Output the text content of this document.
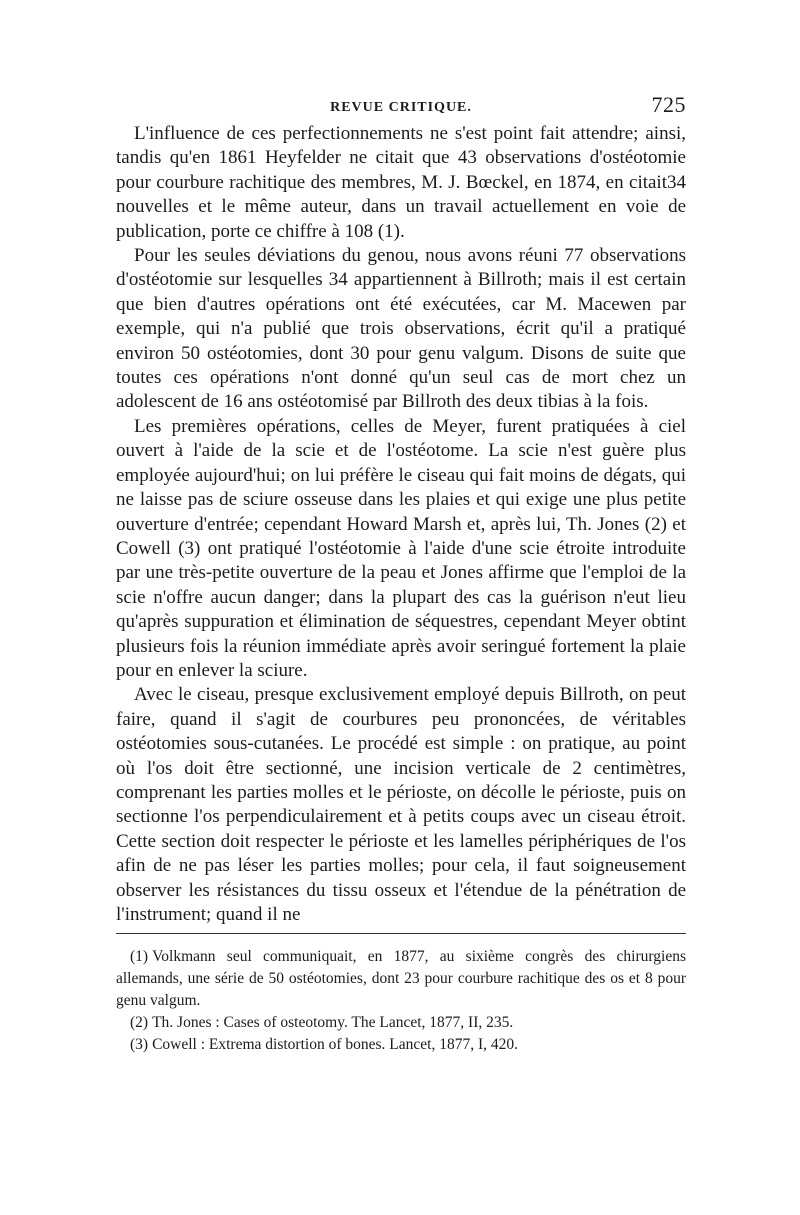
REVUE CRITIQUE.	725

L'influence de ces perfectionnements ne s'est point fait attendre; ainsi, tandis qu'en 1861 Heyfelder ne citait que 43 observations d'ostéotomie pour courbure rachitique des membres, M. J. Bœckel, en 1874, en citait34 nouvelles et le même auteur, dans un travail actuellement en voie de publication, porte ce chiffre à 108 (1).

Pour les seules déviations du genou, nous avons réuni 77 observations d'ostéotomie sur lesquelles 34 appartiennent à Billroth; mais il est certain que bien d'autres opérations ont été exécutées, car M. Macewen par exemple, qui n'a publié que trois observations, écrit qu'il a pratiqué environ 50 ostéotomies, dont 30 pour genu valgum. Disons de suite que toutes ces opérations n'ont donné qu'un seul cas de mort chez un adolescent de 16 ans ostéotomisé par Billroth des deux tibias à la fois.

Les premières opérations, celles de Meyer, furent pratiquées à ciel ouvert à l'aide de la scie et de l'ostéotome. La scie n'est guère plus employée aujourd'hui; on lui préfère le ciseau qui fait moins de dégats, qui ne laisse pas de sciure osseuse dans les plaies et qui exige une plus petite ouverture d'entrée; cependant Howard Marsh et, après lui, Th. Jones (2) et Cowell (3) ont pratiqué l'ostéotomie à l'aide d'une scie étroite introduite par une très-petite ouverture de la peau et Jones affirme que l'emploi de la scie n'offre aucun danger; dans la plupart des cas la guérison n'eut lieu qu'après suppuration et élimination de séquestres, cependant Meyer obtint plusieurs fois la réunion immédiate après avoir seringué fortement la plaie pour en enlever la sciure.

Avec le ciseau, presque exclusivement employé depuis Billroth, on peut faire, quand il s'agit de courbures peu prononcées, de véritables ostéotomies sous-cutanées. Le procédé est simple : on pratique, au point où l'os doit être sectionné, une incision verticale de 2 centimètres, comprenant les parties molles et le périoste, on décolle le périoste, puis on sectionne l'os perpendiculairement et à petits coups avec un ciseau étroit. Cette section doit respecter le périoste et les lamelles périphériques de l'os afin de ne pas léser les parties molles; pour cela, il faut soigneusement observer les résistances du tissu osseux et l'étendue de la pénétration de l'instrument; quand il ne

(1) Volkmann seul communiquait, en 1877, au sixième congrès des chirurgiens allemands, une série de 50 ostéotomies, dont 23 pour courbure rachitique des os et 8 pour genu valgum.

(2) Th. Jones : Cases of osteotomy. The Lancet, 1877, II, 235.

(3) Cowell : Extrema distortion of bones. Lancet, 1877, I, 420.
